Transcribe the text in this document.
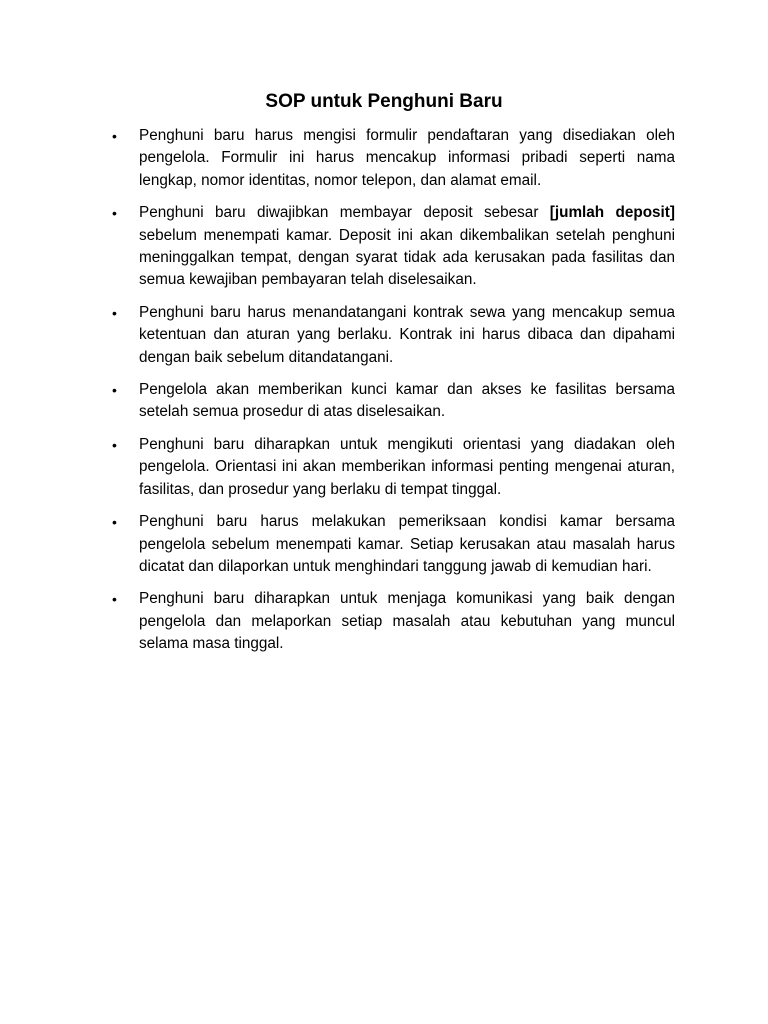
SOP untuk Penghuni Baru
•	Penghuni baru harus mengisi formulir pendaftaran yang disediakan oleh pengelola. Formulir ini harus mencakup informasi pribadi seperti nama lengkap, nomor identitas, nomor telepon, dan alamat email.
•	Penghuni baru diwajibkan membayar deposit sebesar [jumlah deposit] sebelum menempati kamar. Deposit ini akan dikembalikan setelah penghuni meninggalkan tempat, dengan syarat tidak ada kerusakan pada fasilitas dan semua kewajiban pembayaran telah diselesaikan.
•	Penghuni baru harus menandatangani kontrak sewa yang mencakup semua ketentuan dan aturan yang berlaku. Kontrak ini harus dibaca dan dipahami dengan baik sebelum ditandatangani.
•	Pengelola akan memberikan kunci kamar dan akses ke fasilitas bersama setelah semua prosedur di atas diselesaikan.
•	Penghuni baru diharapkan untuk mengikuti orientasi yang diadakan oleh pengelola. Orientasi ini akan memberikan informasi penting mengenai aturan, fasilitas, dan prosedur yang berlaku di tempat tinggal.
•	Penghuni baru harus melakukan pemeriksaan kondisi kamar bersama pengelola sebelum menempati kamar. Setiap kerusakan atau masalah harus dicatat dan dilaporkan untuk menghindari tanggung jawab di kemudian hari.
•	Penghuni baru diharapkan untuk menjaga komunikasi yang baik dengan pengelola dan melaporkan setiap masalah atau kebutuhan yang muncul selama masa tinggal.
